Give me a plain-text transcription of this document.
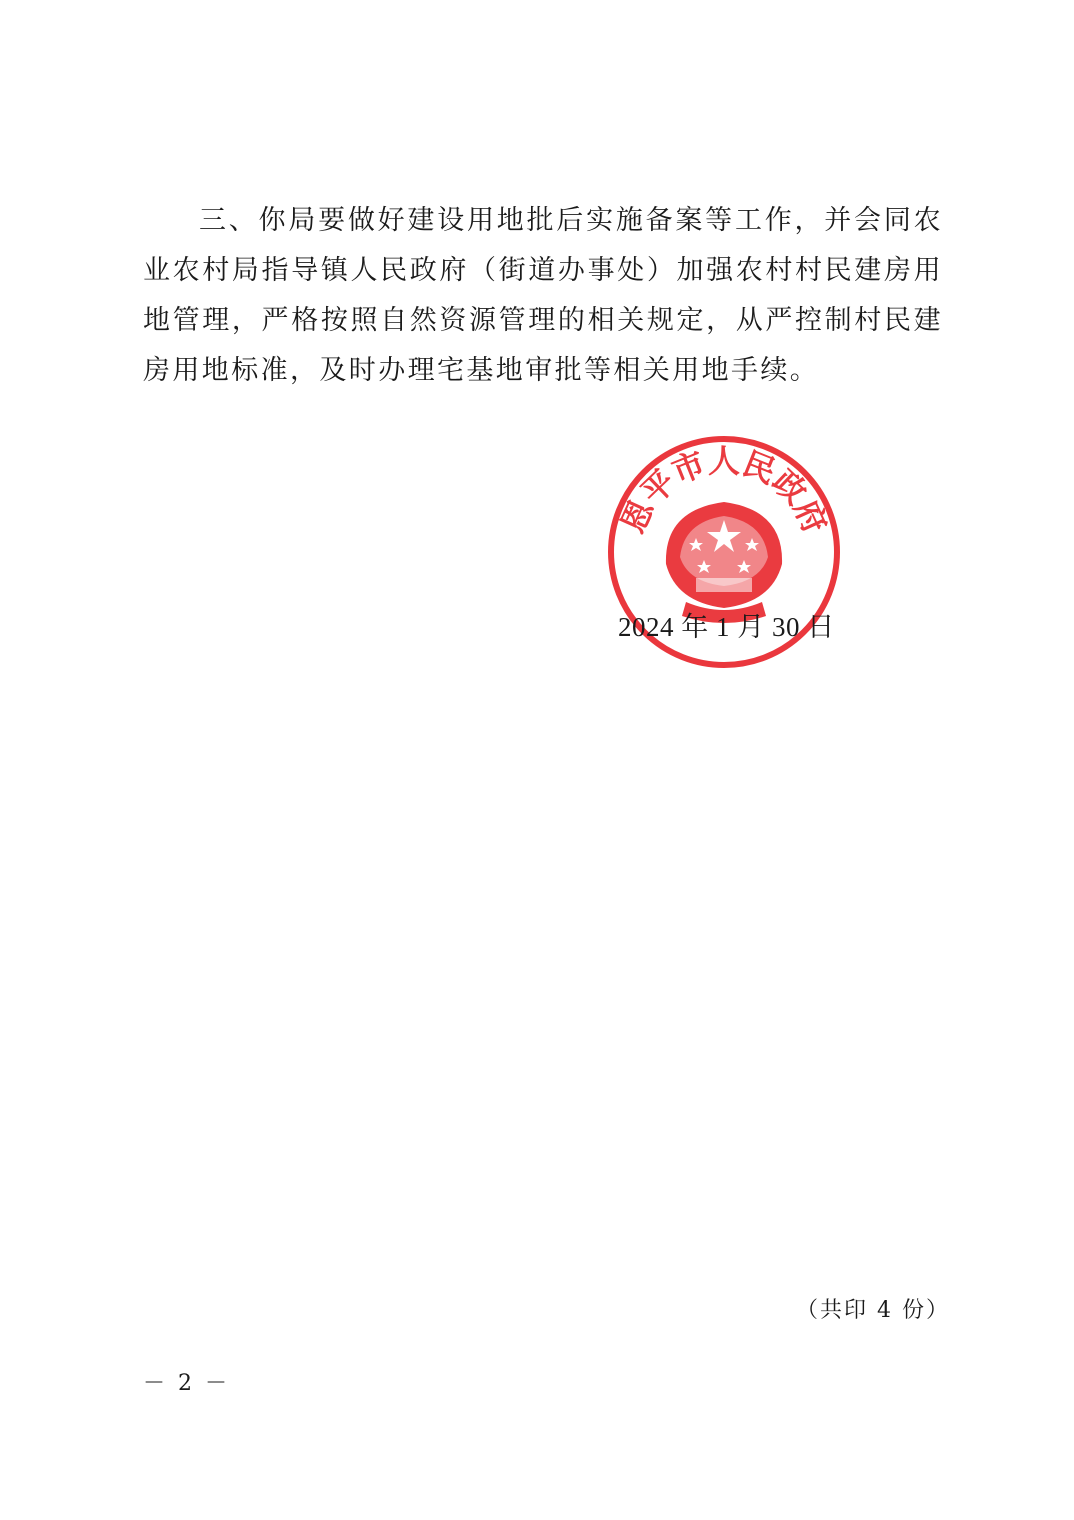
三、你局要做好建设用地批后实施备案等工作，并会同农业农村局指导镇人民政府（街道办事处）加强农村村民建房用地管理，严格按照自然资源管理的相关规定，从严控制村民建房用地标准，及时办理宅基地审批等相关用地手续。

恩平市人民政府
2024 年 1 月 30 日
（共印 4 份）
－ 2 －
